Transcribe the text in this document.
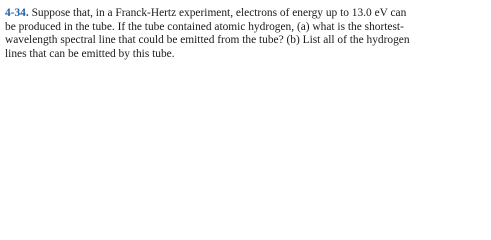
4-34. Suppose that, in a Franck-Hertz experiment, electrons of energy up to 13.0 eV can
be produced in the tube. If the tube contained atomic hydrogen, (a) what is the shortest-
wavelength spectral line that could be emitted from the tube? (b) List all of the hydrogen
lines that can be emitted by this tube.
